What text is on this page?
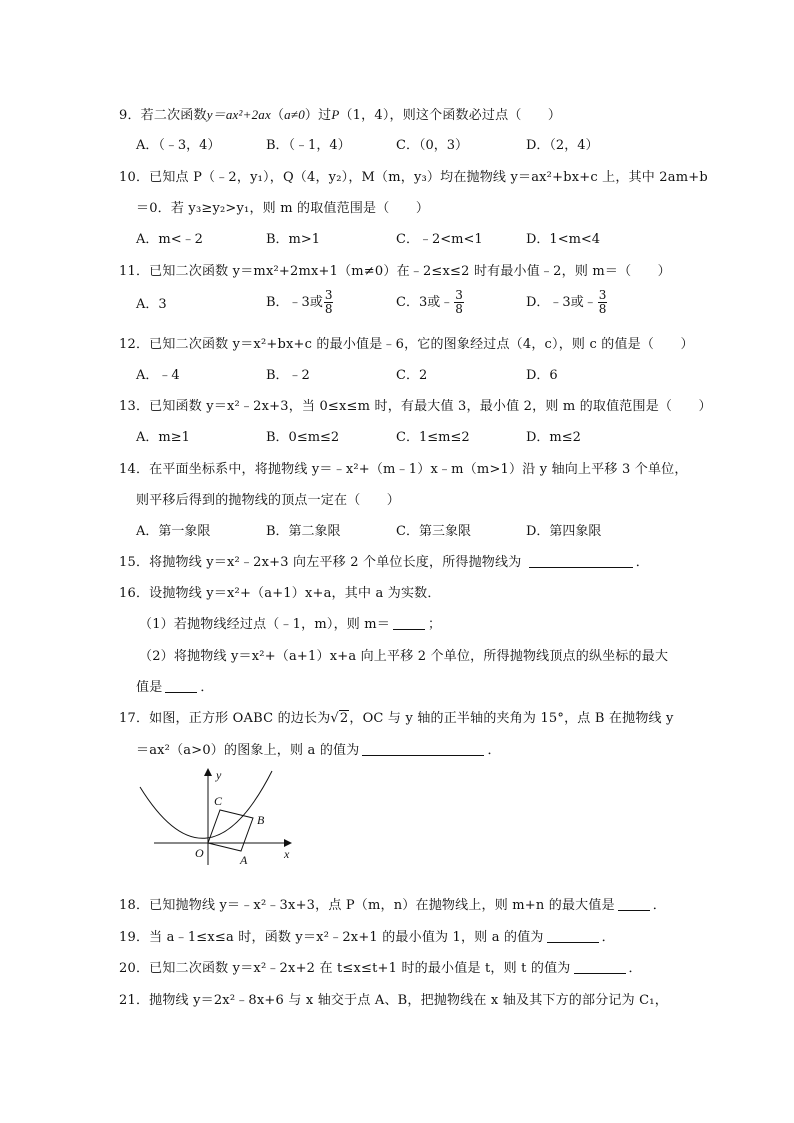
9．若二次函数y＝ax²+2ax（a≠0）过P（1，4），则这个函数必过点（　　）
A．（﹣3，4）	B．（﹣1，4）	C．（0，3）	D．（2，4）
10．已知点 P（﹣2，y₁），Q（4，y₂），M（m，y₃）均在抛物线 y＝ax²+bx+c 上，其中 2am+b
＝0．若 y₃≥y₂>y₁，则 m 的取值范围是（　　）
A．m<﹣2	B．m>1	C．﹣2<m<1	D．1<m<4
11．已知二次函数 y＝mx²+2mx+1（m≠0）在﹣2≤x≤2 时有最小值﹣2，则 m＝（　　）
A．3	B．﹣3或 $\frac{3}{8}$	C．3或﹣ $\frac{3}{8}$	D．﹣3或﹣ $\frac{3}{8}$
12．已知二次函数 y＝x²+bx+c 的最小值是﹣6，它的图象经过点（4，c），则 c 的值是（　　）
A．﹣4	B．﹣2	C．2	D．6
13．已知函数 y＝x²﹣2x+3，当 0≤x≤m 时，有最大值 3，最小值 2，则 m 的取值范围是（　　）
A．m≥1	B．0≤m≤2	C．1≤m≤2	D．m≤2
14．在平面坐标系中，将抛物线 y＝﹣x²+（m﹣1）x﹣m（m>1）沿 y 轴向上平移 3 个单位，
则平移后得到的抛物线的顶点一定在（　　）
A．第一象限	B．第二象限	C．第三象限	D．第四象限
15．将抛物线 y＝x²﹣2x+3 向左平移 2 个单位长度，所得抛物线为	．
16．设抛物线 y＝x²+（a+1）x+a，其中 a 为实数．
（1）若抛物线经过点（﹣1，m），则 m＝	；
（2）将抛物线 y＝x²+（a+1）x+a 向上平移 2 个单位，所得抛物线顶点的纵坐标的最大
值是	．
17．如图，正方形 OABC 的边长为√2，OC 与 y 轴的正半轴的夹角为 15°，点 B 在抛物线 y
＝ax²（a>0）的图象上，则 a 的值为	．
y
x
O	A
B
C
18．已知抛物线 y＝﹣x²﹣3x+3，点 P（m，n）在抛物线上，则 m+n 的最大值是	．
19．当 a﹣1≤x≤a 时，函数 y＝x²﹣2x+1 的最小值为 1，则 a 的值为	．
20．已知二次函数 y＝x²﹣2x+2 在 t≤x≤t+1 时的最小值是 t，则 t 的值为	．
21．抛物线 y＝2x²﹣8x+6 与 x 轴交于点 A、B，把抛物线在 x 轴及其下方的部分记为 C₁，
